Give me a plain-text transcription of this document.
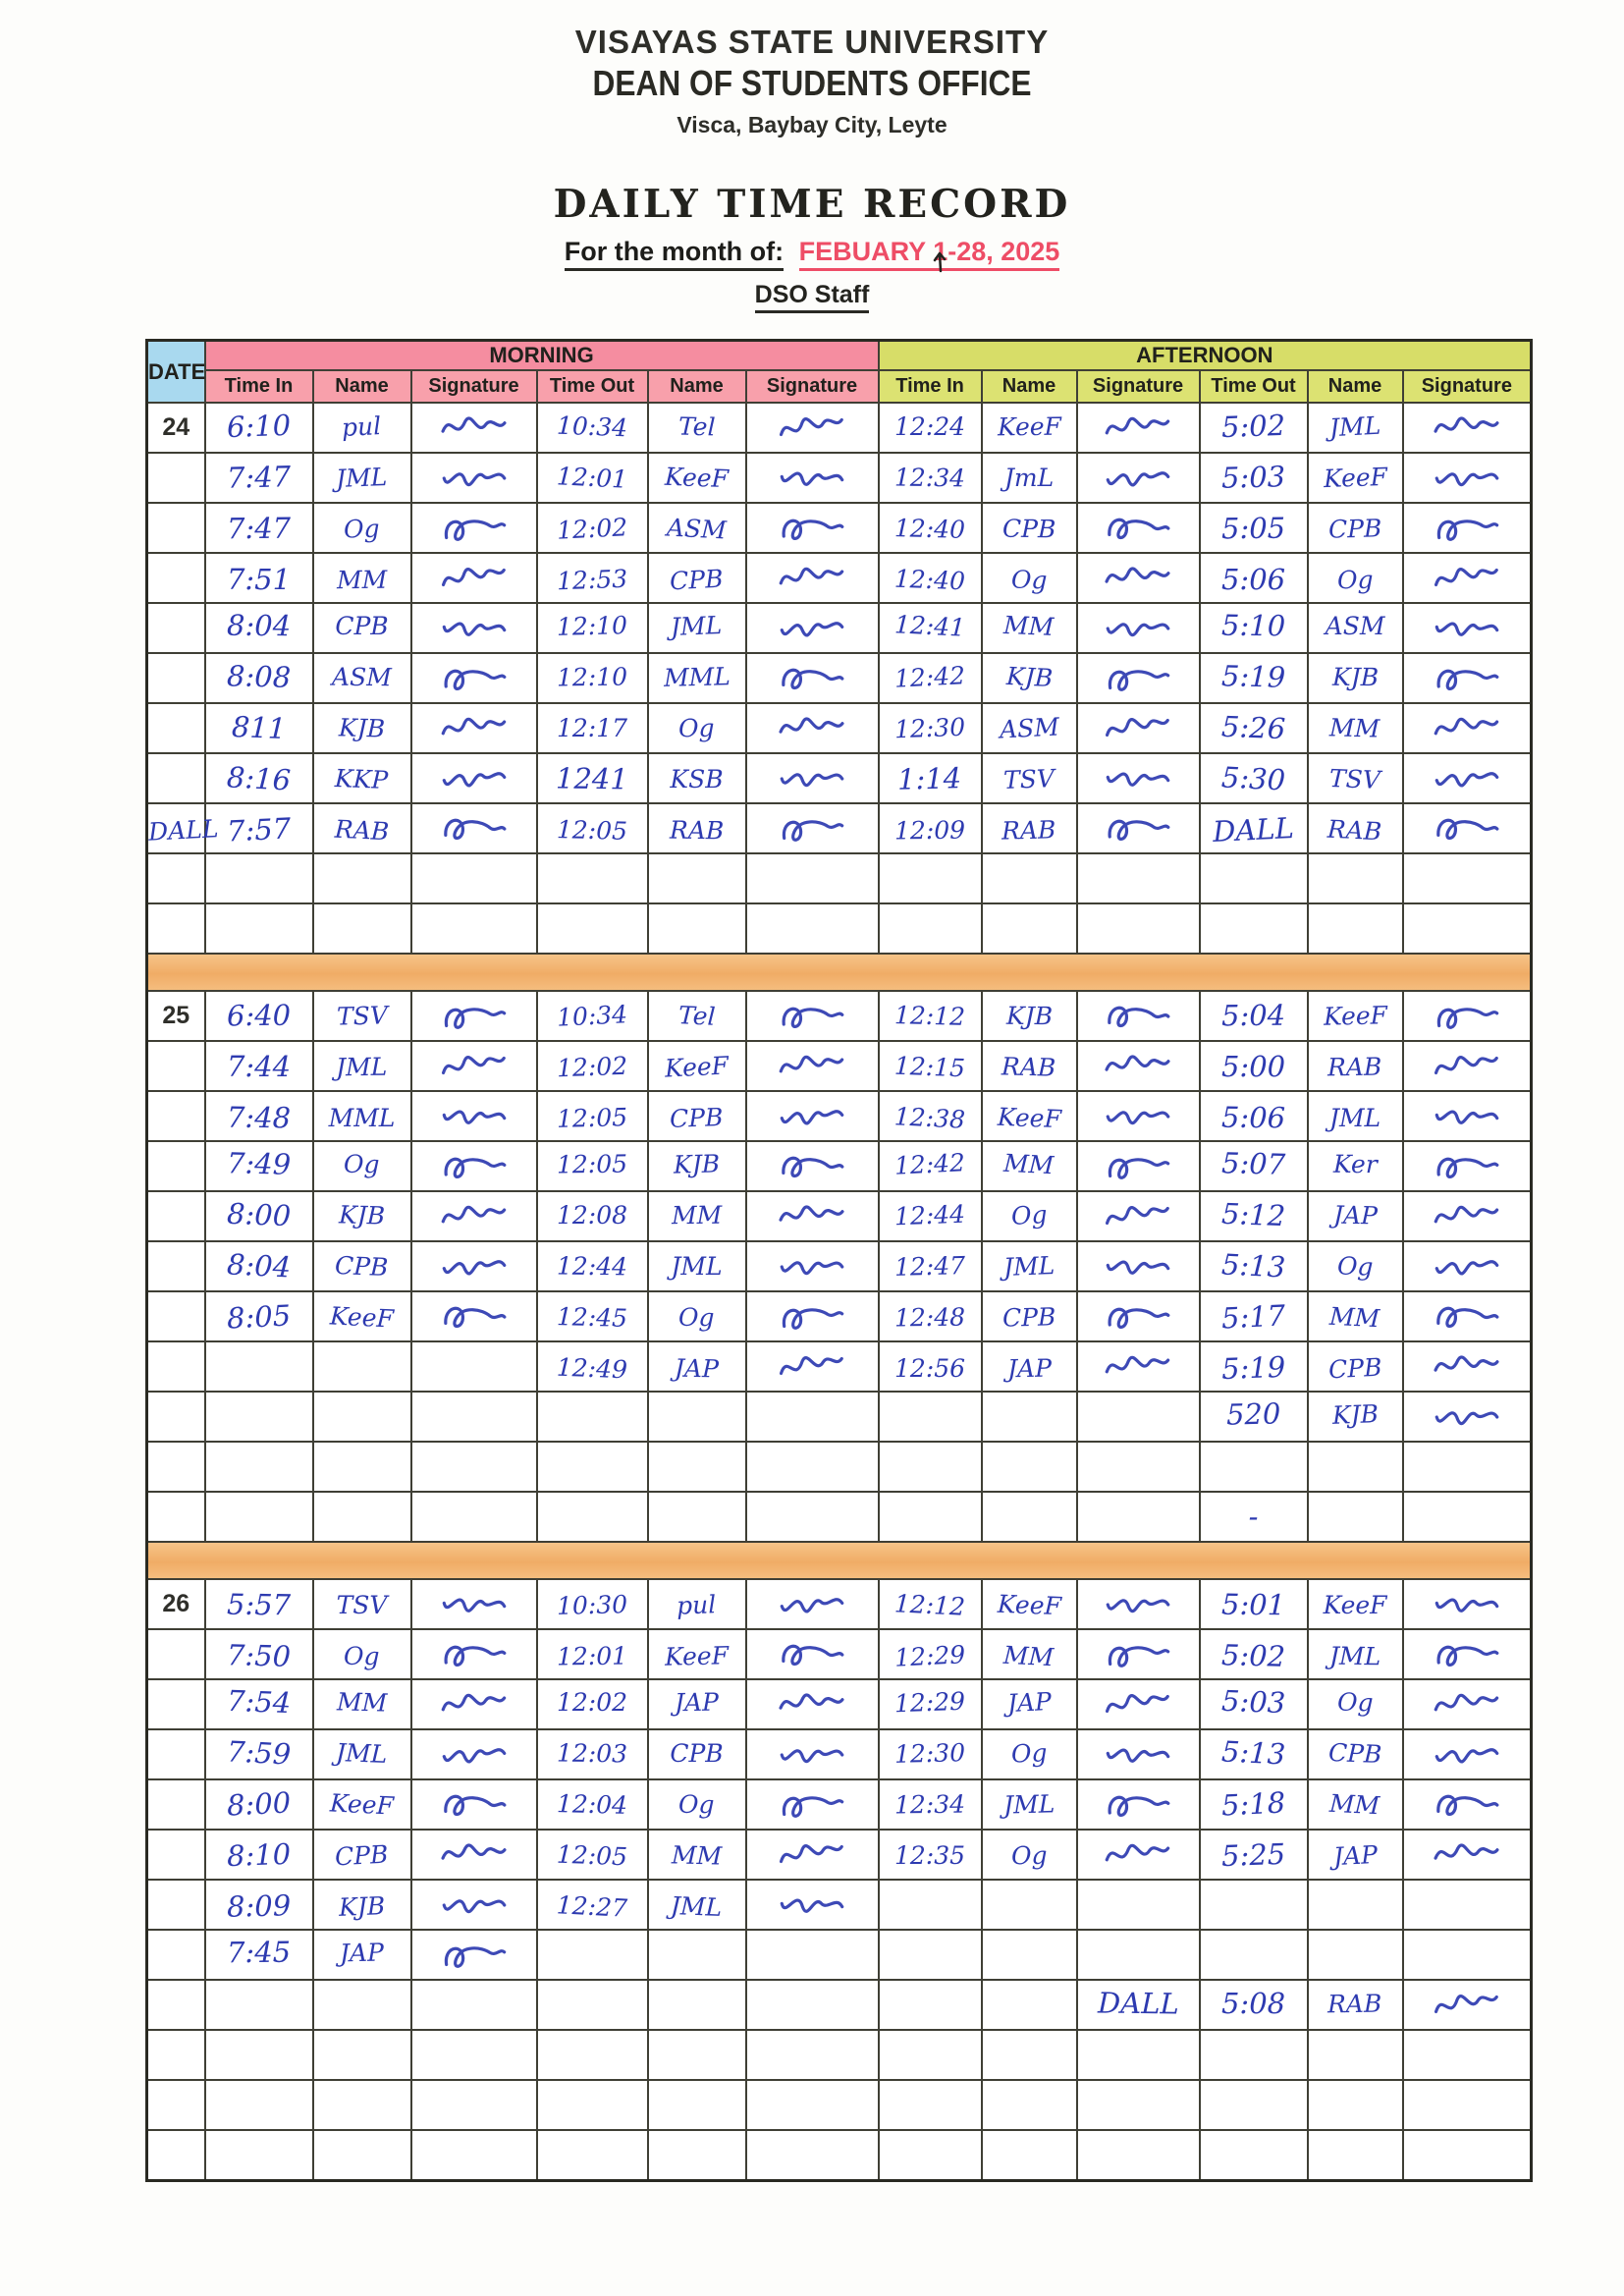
VISAYAS STATE UNIVERSITY
DEAN OF STUDENTS OFFICE
Visca, Baybay City, Leyte
DAILY TIME RECORD
For the month of: FEBUARY 1-28, 2025
DSO Staff
DATE	MORNING						AFTERNOON					
	Time In	Name	Signature	Time Out	Name	Signature	Time In	Name	Signature	Time Out	Name	Signature
24	6:10	pul		10:34	Tel		12:24	KeeF		5:02	JML	
	7:47	JML		12:01	KeeF		12:34	JmL		5:03	KeeF	
	7:47	Og		12:02	ASM		12:40	CPB		5:05	CPB	
	7:51	MM		12:53	CPB		12:40	Og		5:06	Og	
	8:04	CPB		12:10	JML		12:41	MM		5:10	ASM	
	8:08	ASM		12:10	MML		12:42	KJB		5:19	KJB	
	811	KJB		12:17	Og		12:30	ASM		5:26	MM	
	8:16	KKP		1241	KSB		1:14	TSV		5:30	TSV	
DALL	7:57	RAB		12:05	RAB		12:09	RAB		DALL	RAB	

25	6:40	TSV		10:34	Tel		12:12	KJB		5:04	KeeF	
	7:44	JML		12:02	KeeF		12:15	RAB		5:00	RAB	
	7:48	MML		12:05	CPB		12:38	KeeF		5:06	JML	
	7:49	Og		12:05	KJB		12:42	MM		5:07	Ker	
	8:00	KJB		12:08	MM		12:44	Og		5:12	JAP	
	8:04	CPB		12:44	JML		12:47	JML		5:13	Og	
	8:05	KeeF		12:45	Og		12:48	CPB		5:17	MM	
				12:49	JAP		12:56	JAP		5:19	CPB	
										520	KJB	

										-		

26	5:57	TSV		10:30	pul		12:12	KeeF		5:01	KeeF	
	7:50	Og		12:01	KeeF		12:29	MM		5:02	JML	
	7:54	MM		12:02	JAP		12:29	JAP		5:03	Og	
	7:59	JML		12:03	CPB		12:30	Og		5:13	CPB	
	8:00	KeeF		12:04	Og		12:34	JML		5:18	MM	
	8:10	CPB		12:05	MM		12:35	Og		5:25	JAP	
	8:09	KJB		12:27	JML							
	7:45	JAP										
									DALL	5:08	RAB	
